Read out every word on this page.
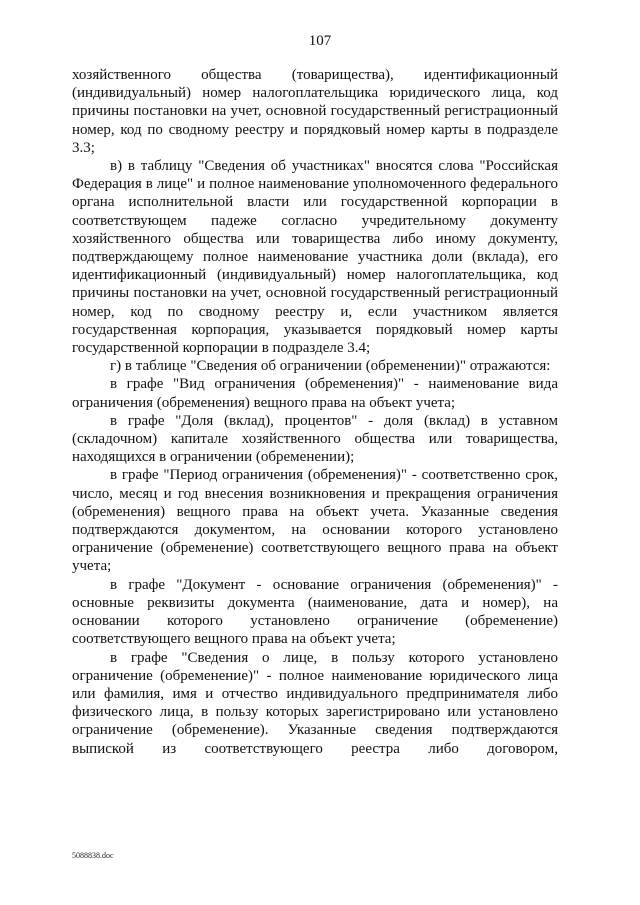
107

хозяйственного общества (товарищества), идентификационный (индивидуальный) номер налогоплательщика юридического лица, код причины постановки на учет, основной государственный регистрационный номер, код по сводному реестру и порядковый номер карты в подразделе 3.3;

в) в таблицу "Сведения об участниках" вносятся слова "Российская Федерация в лице" и полное наименование уполномоченного федерального органа исполнительной власти или государственной корпорации в соответствующем падеже согласно учредительному документу хозяйственного общества или товарищества либо иному документу, подтверждающему полное наименование участника доли (вклада), его идентификационный (индивидуальный) номер налогоплательщика, код причины постановки на учет, основной государственный регистрационный номер, код по сводному реестру и, если участником является государственная корпорация, указывается порядковый номер карты государственной корпорации в подразделе 3.4;

г) в таблице "Сведения об ограничении (обременении)" отражаются:

в графе "Вид ограничения (обременения)" - наименование вида ограничения (обременения) вещного права на объект учета;

в графе "Доля (вклад), процентов" - доля (вклад) в уставном (складочном) капитале хозяйственного общества или товарищества, находящихся в ограничении (обременении);

в графе "Период ограничения (обременения)" - соответственно срок, число, месяц и год внесения возникновения и прекращения ограничения (обременения) вещного права на объект учета. Указанные сведения подтверждаются документом, на основании которого установлено ограничение (обременение) соответствующего вещного права на объект учета;

в графе "Документ - основание ограничения (обременения)" - основные реквизиты документа (наименование, дата и номер), на основании которого установлено ограничение (обременение) соответствующего вещного права на объект учета;

в графе "Сведения о лице, в пользу которого установлено ограничение (обременение)" - полное наименование юридического лица или фамилия, имя и отчество индивидуального предпринимателя либо физического лица, в пользу которых зарегистрировано или установлено ограничение (обременение). Указанные сведения подтверждаются выпиской из соответствующего реестра либо договором,

5088838.doc
